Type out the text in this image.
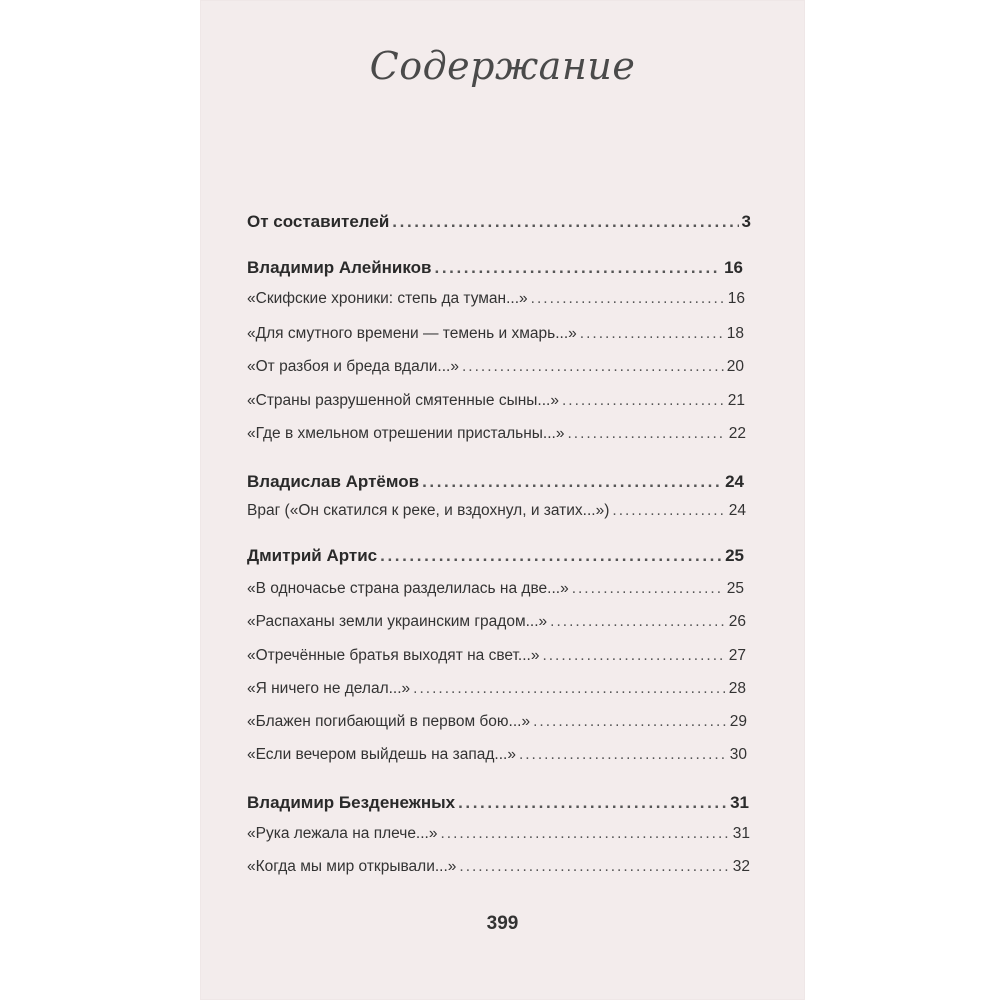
Содержание
От составителей .....	3
Владимир Алейников .....	16
«Скифские хроники: степь да туман...» .....	16
«Для смутного времени — темень и хмарь...» .....	18
«От разбоя и бреда вдали...» .....	20
«Страны разрушенной смятенные сыны...» .....	21
«Где в хмельном отрешении пристальны...» .....	22
Владислав Артёмов .....	24
Враг («Он скатился к реке, и вздохнул, и затих...») .....	24
Дмитрий Артис .....	25
«В одночасье страна разделилась на две...» .....	25
«Распаханы земли украинским градом...» .....	26
«Отречённые братья выходят на свет...» .....	27
«Я ничего не делал...» .....	28
«Блажен погибающий в первом бою...» .....	29
«Если вечером выйдешь на запад...» .....	30
Владимир Безденежных .....	31
«Рука лежала на плече...» .....	31
«Когда мы мир открывали...» .....	32
399
